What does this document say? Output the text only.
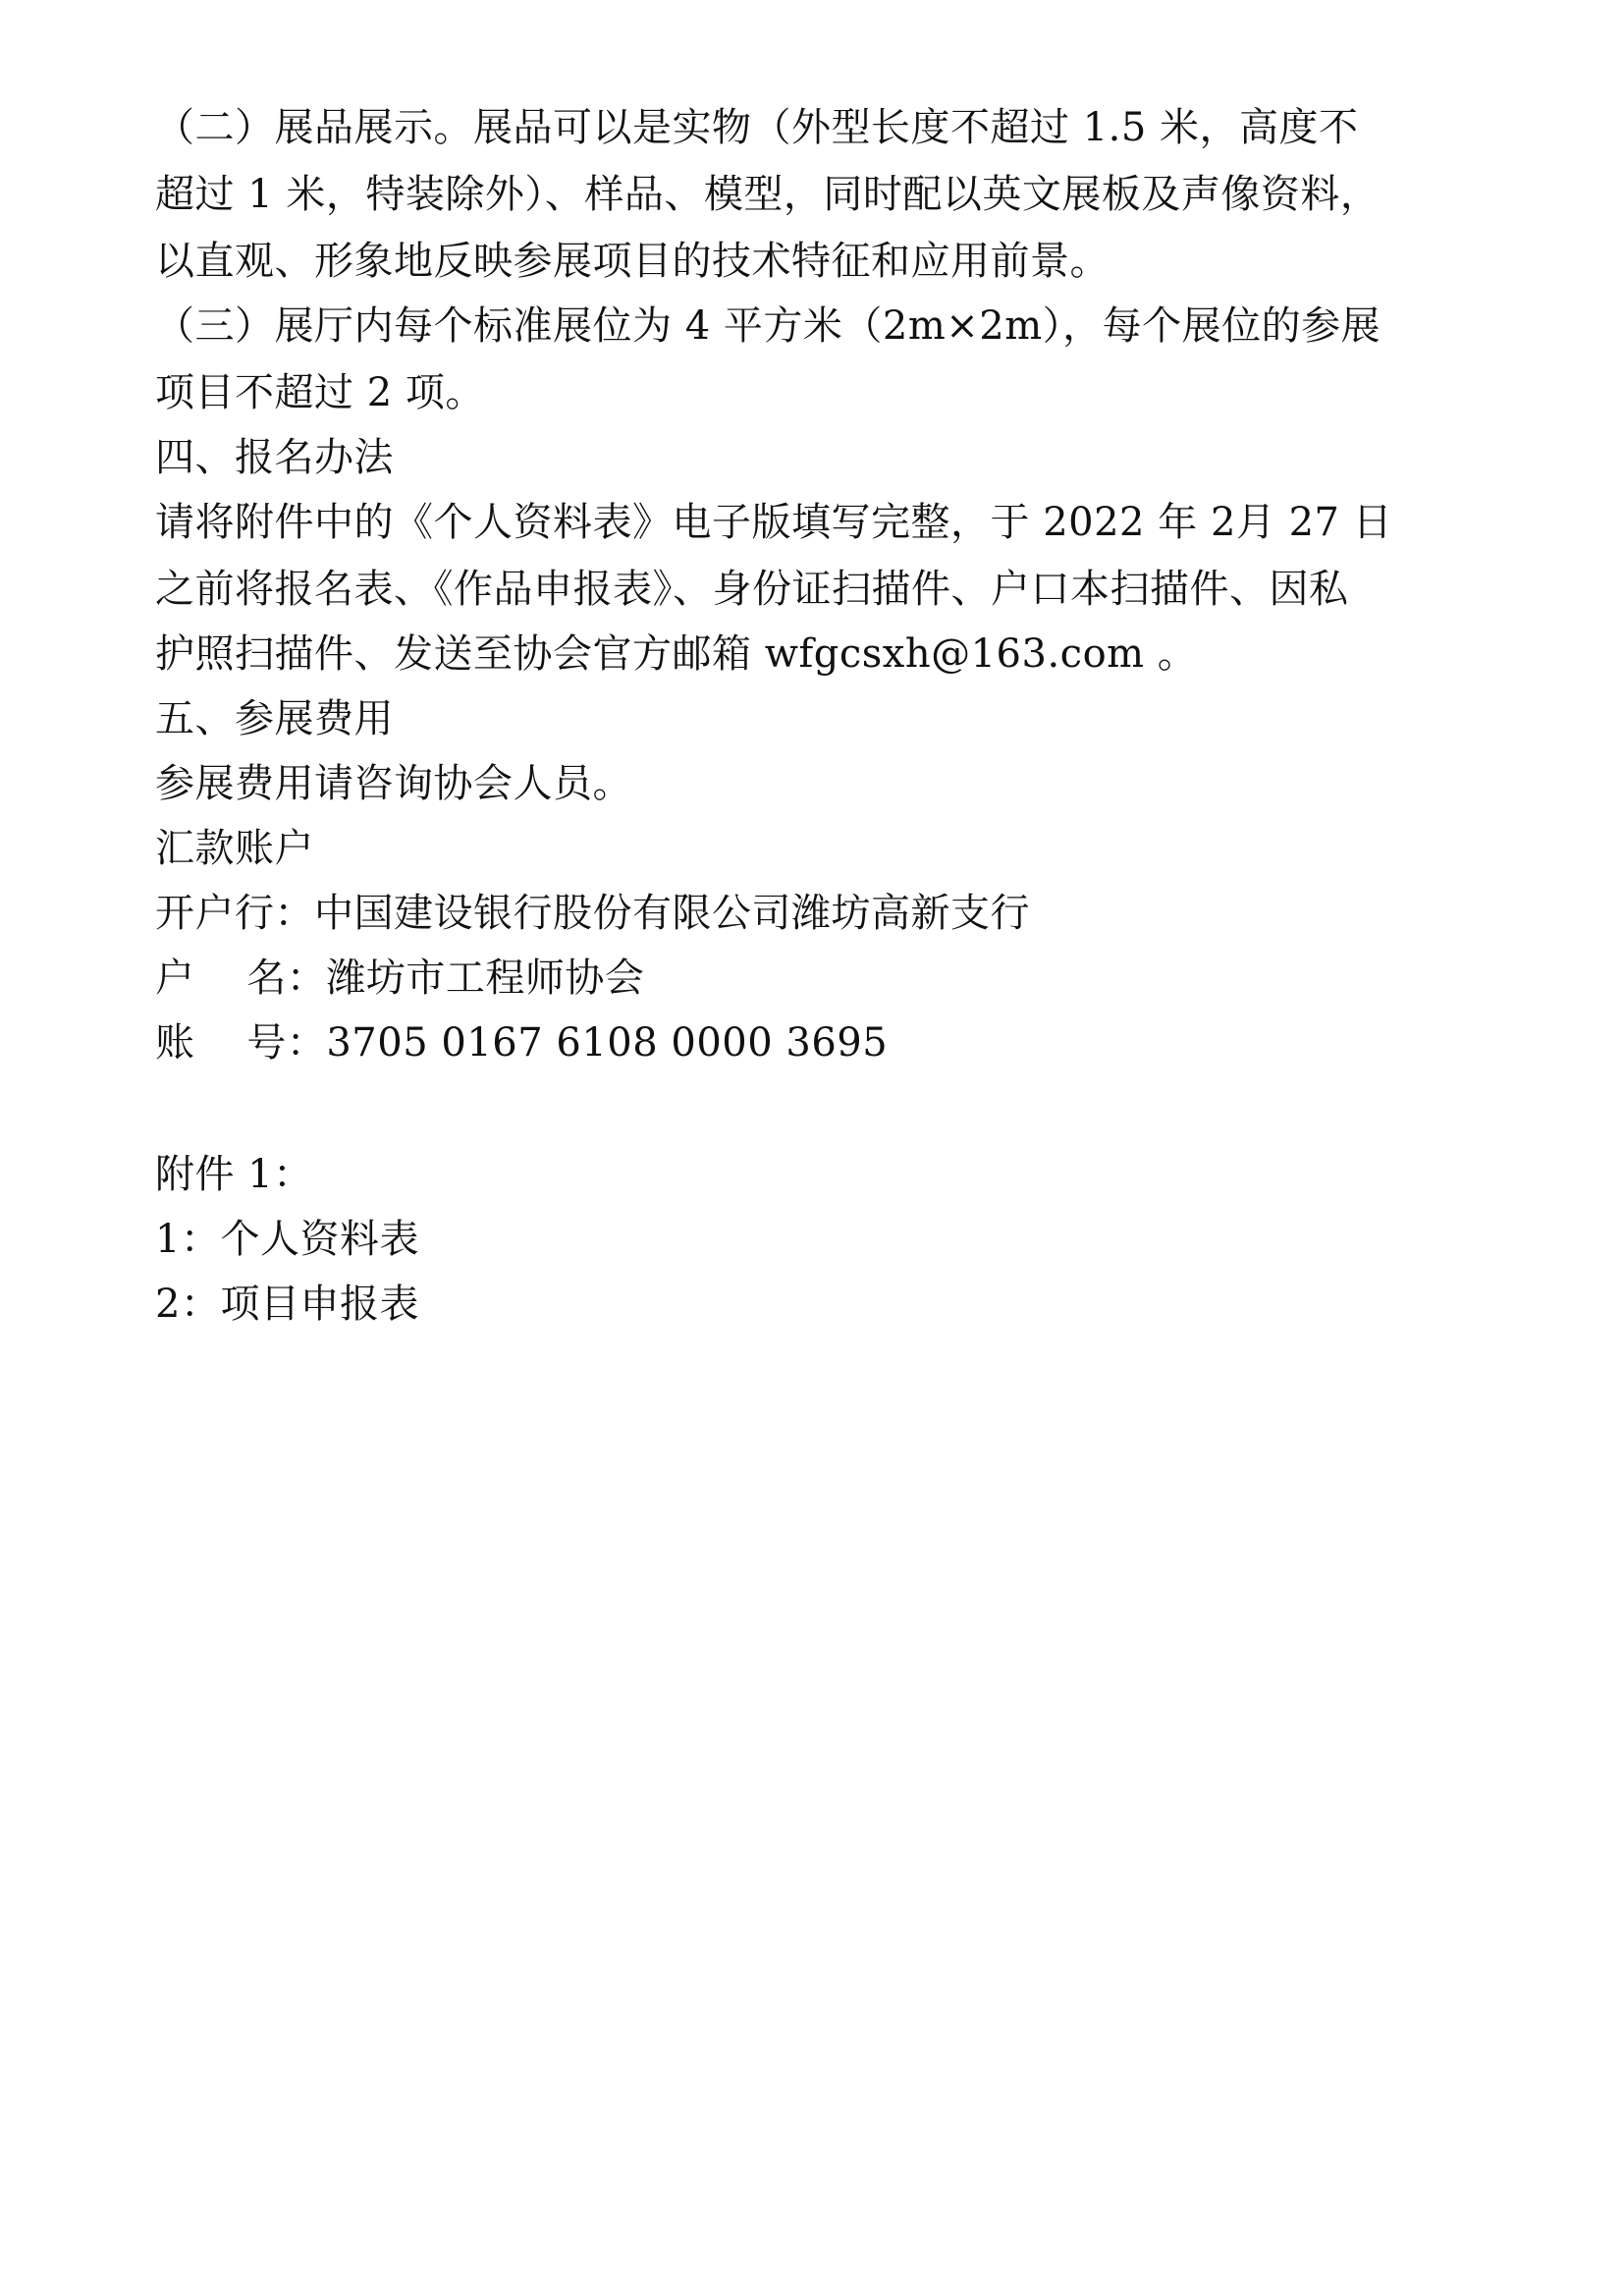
（二）展品展示。展品可以是实物（外型长度不超过 1.5 米，高度不
超过 1 米，特装除外）、样品、模型，同时配以英文展板及声像资料，
以直观、形象地反映参展项目的技术特征和应用前景。
（三）展厅内每个标准展位为 4 平方米（2m×2m），每个展位的参展
项目不超过 2 项。
四、报名办法
请将附件中的《个人资料表》电子版填写完整，于 2022 年 2月 27 日
之前将报名表、《作品申报表》、身份证扫描件、户口本扫描件、因私
护照扫描件、发送至协会官方邮箱 wfgcsxh@163.com 。
五、参展费用
参展费用请咨询协会人员。
汇款账户
开户行：中国建设银行股份有限公司潍坊高新支行
户    名：潍坊市工程师协会
账    号：3705 0167 6108 0000 3695
附件 1：
1：个人资料表
2：项目申报表
